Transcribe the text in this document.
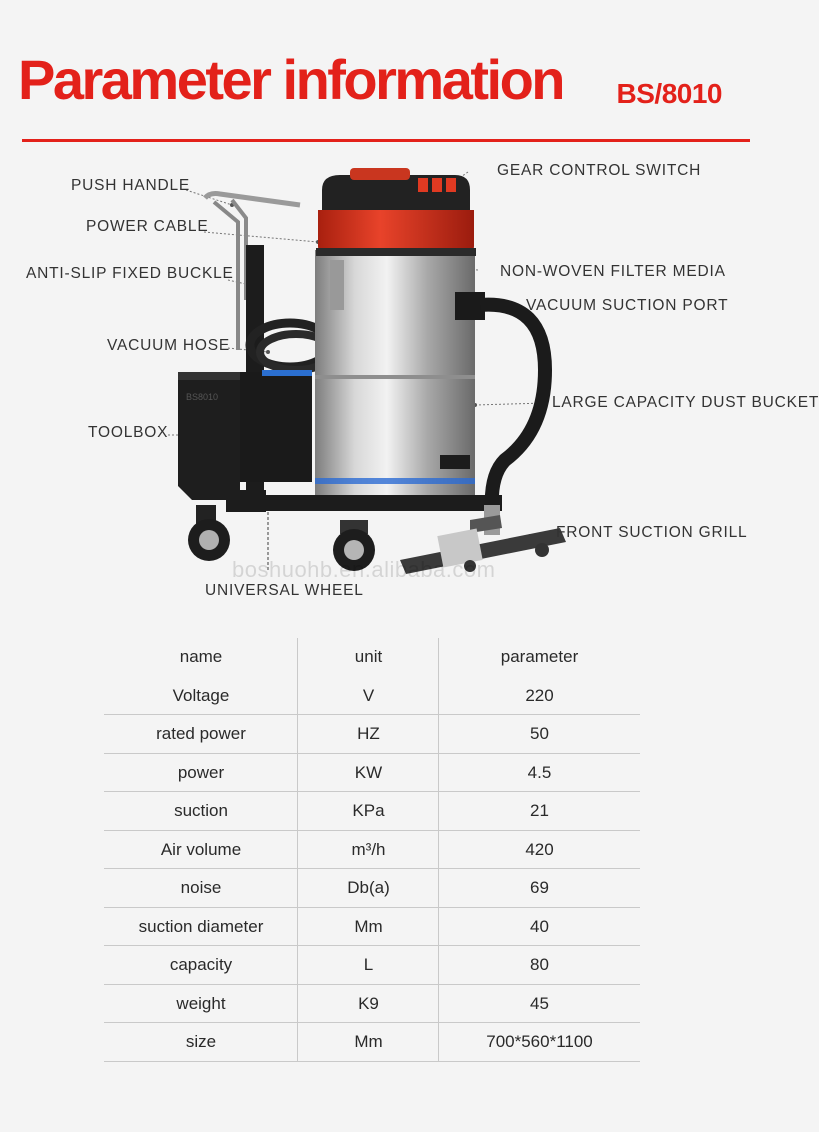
Parameter information BS/8010
BS8010
boshuohb.en.alibaba.com
PUSH HANDLE
POWER CABLE
ANTI-SLIP FIXED BUCKLE
VACUUM HOSE
TOOLBOX
UNIVERSAL WHEEL
GEAR CONTROL SWITCH
NON-WOVEN FILTER MEDIA
VACUUM SUCTION PORT
LARGE CAPACITY DUST BUCKET
FRONT SUCTION GRILL
name	unit	parameter
Voltage	V	220
rated power	HZ	50
power	KW	4.5
suction	KPa	21
Air volume	m³/h	420
noise	Db(a)	69
suction diameter	Mm	40
capacity	L	80
weight	K9	45
size	Mm	700*560*1100
